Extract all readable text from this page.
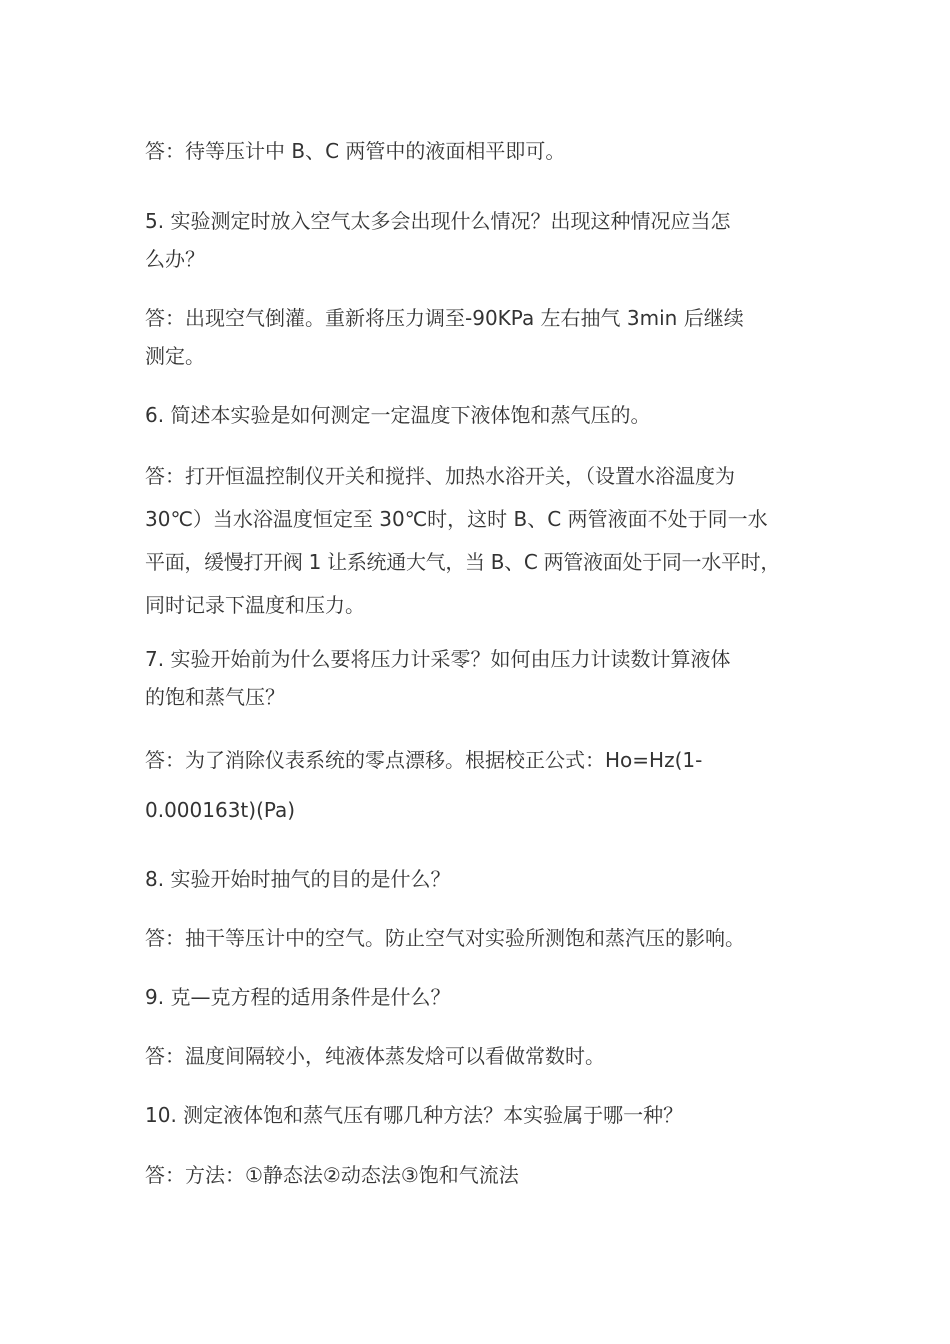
答：待等压计中 B、C 两管中的液面相平即可。

5. 实验测定时放入空气太多会出现什么情况？出现这种情况应当怎
么办？

答：出现空气倒灌。重新将压力调至-90KPa 左右抽气 3min 后继续
测定。

6. 简述本实验是如何测定一定温度下液体饱和蒸气压的。

答：打开恒温控制仪开关和搅拌、加热水浴开关，（设置水浴温度为
30℃）当水浴温度恒定至 30℃时，这时 B、C 两管液面不处于同一水
平面，缓慢打开阀 1 让系统通大气，当 B、C 两管液面处于同一水平时，
同时记录下温度和压力。

7. 实验开始前为什么要将压力计采零？如何由压力计读数计算液体
的饱和蒸气压？

答：为了消除仪表系统的零点漂移。根据校正公式：Ho=Hz(1-
0.000163t)(Pa)

8. 实验开始时抽气的目的是什么？

答：抽干等压计中的空气。防止空气对实验所测饱和蒸汽压的影响。

9. 克—克方程的适用条件是什么？

答：温度间隔较小，纯液体蒸发焓可以看做常数时。

10. 测定液体饱和蒸气压有哪几种方法？本实验属于哪一种？

答：方法：①静态法②动态法③饱和气流法
